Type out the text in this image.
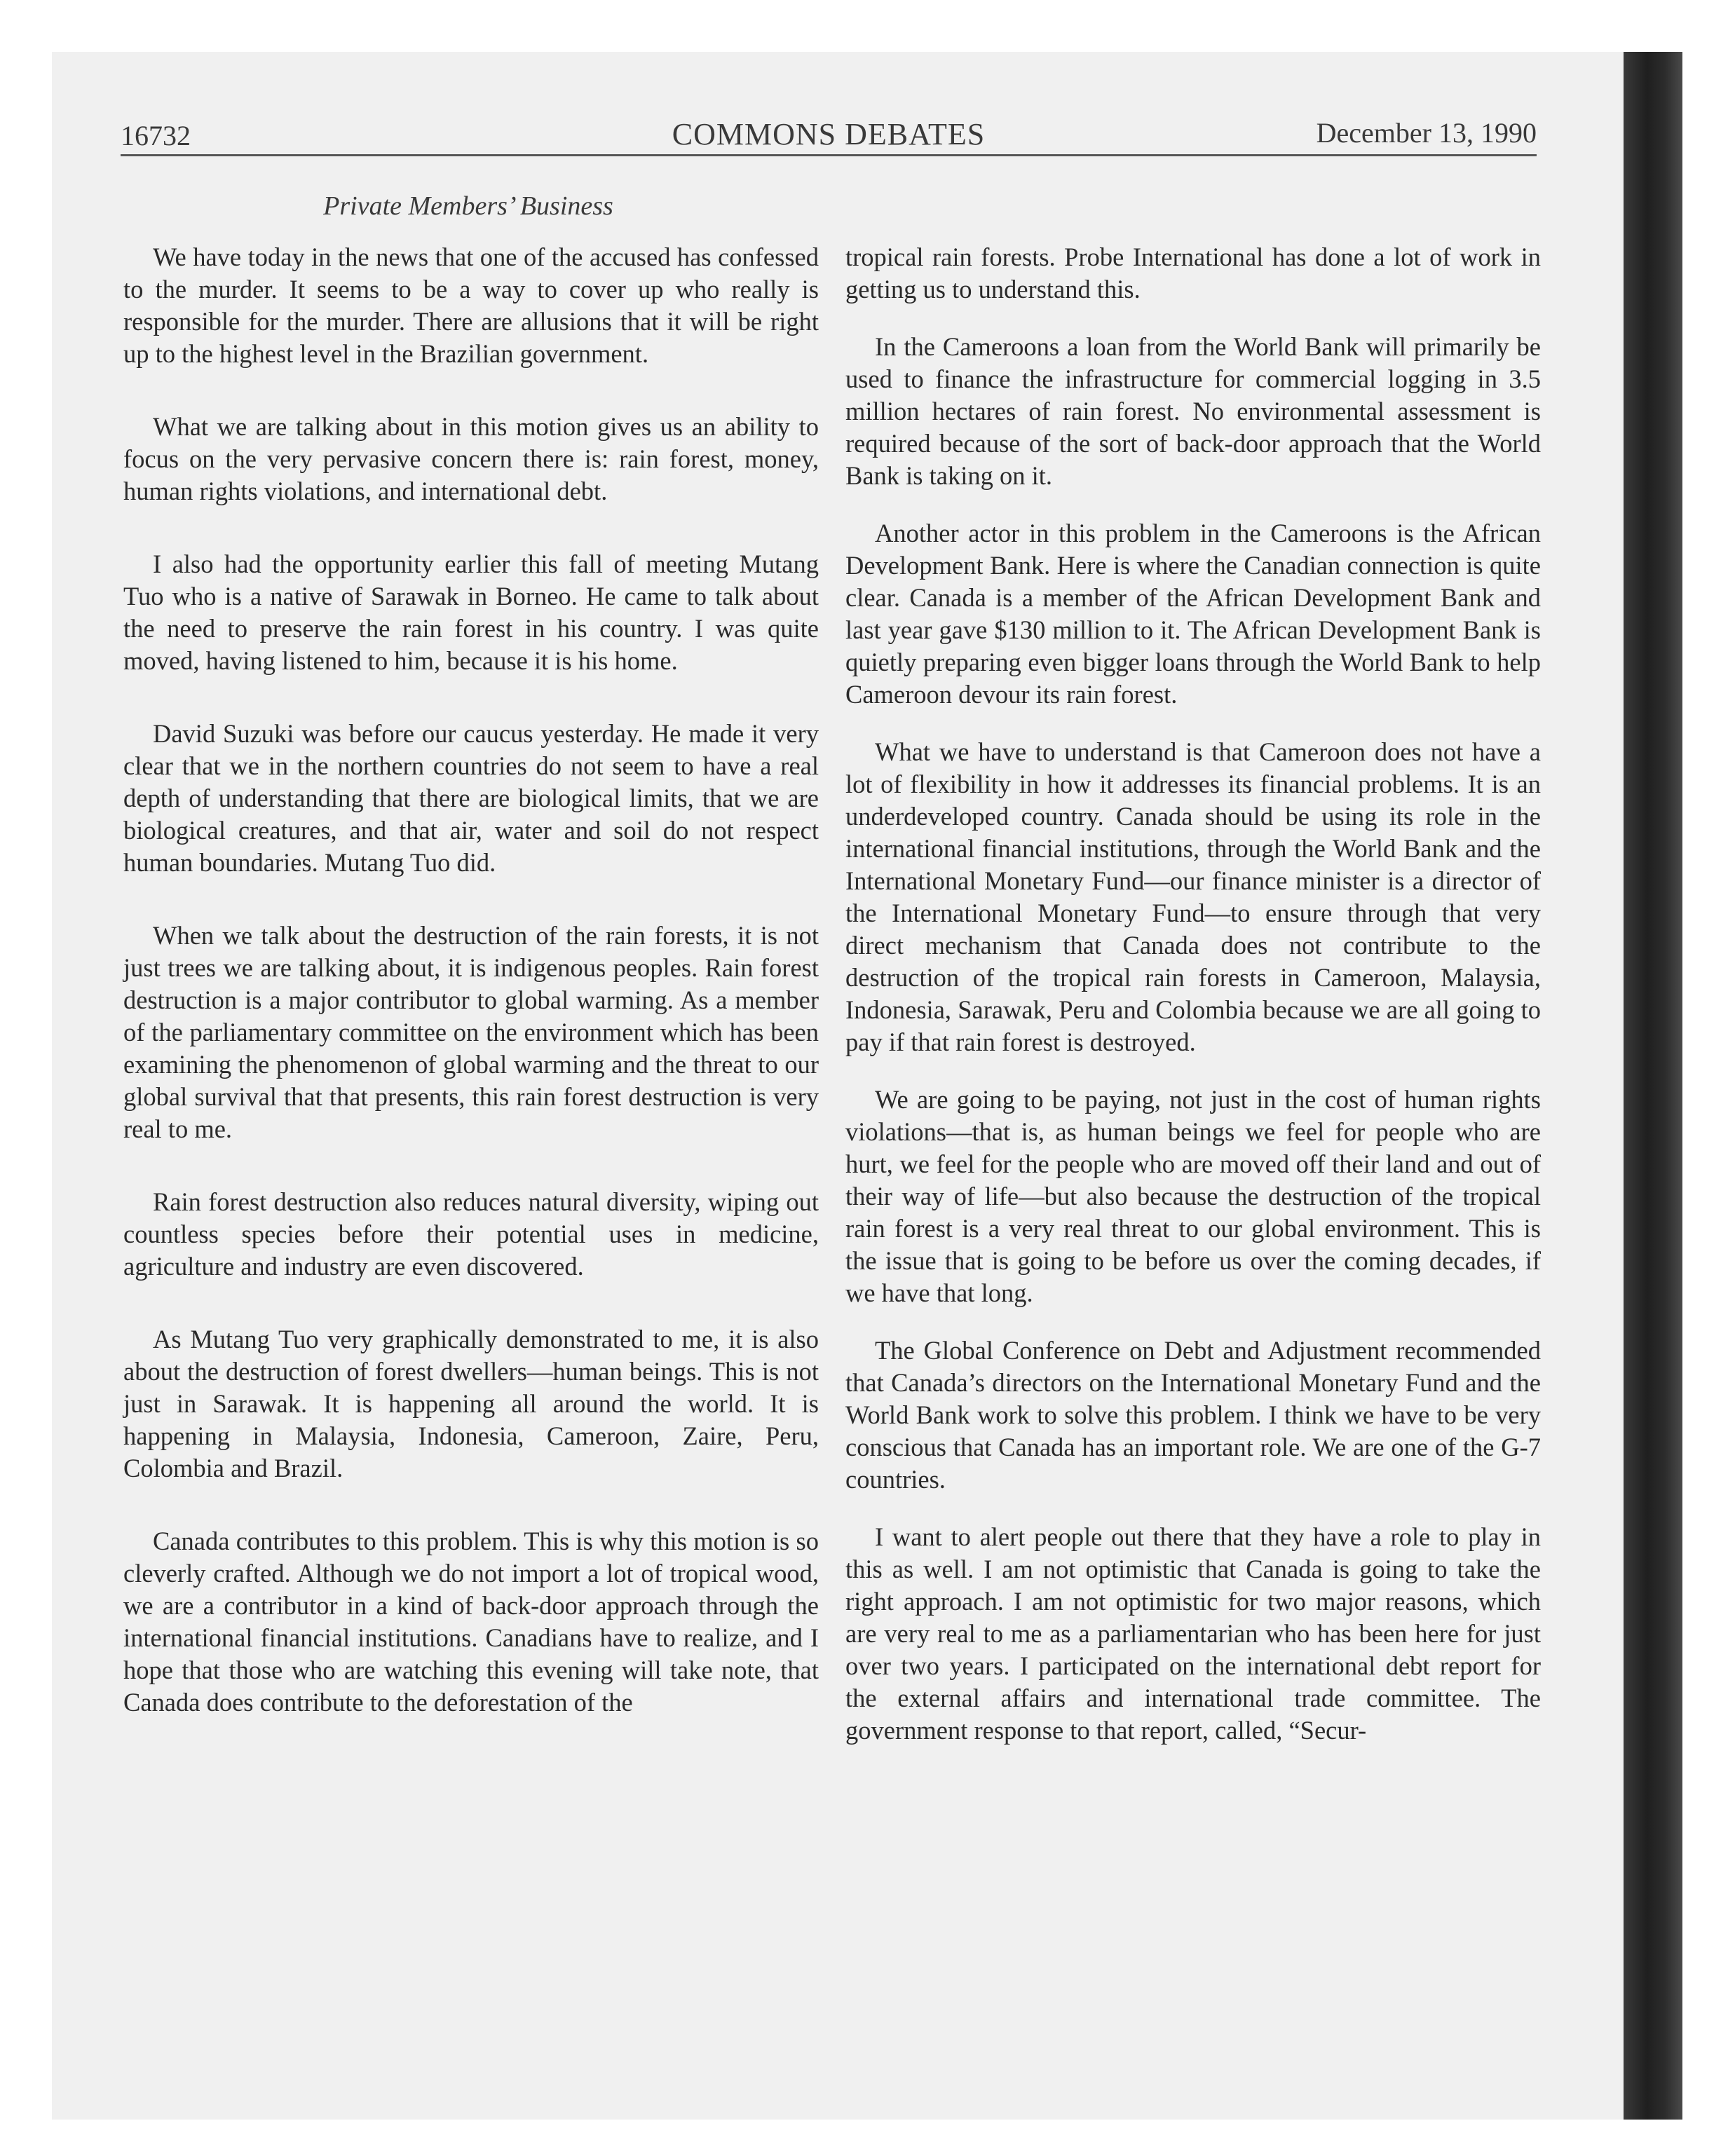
16732	COMMONS DEBATES	December 13, 1990
Private Members’ Business

We have today in the news that one of the accused has confessed to the murder. It seems to be a way to cover up who really is responsible for the murder. There are allusions that it will be right up to the highest level in the Brazilian government.

What we are talking about in this motion gives us an ability to focus on the very pervasive concern there is: rain forest, money, human rights violations, and international debt.

I also had the opportunity earlier this fall of meeting Mutang Tuo who is a native of Sarawak in Borneo. He came to talk about the need to preserve the rain forest in his country. I was quite moved, having listened to him, because it is his home.

David Suzuki was before our caucus yesterday. He made it very clear that we in the northern countries do not seem to have a real depth of understanding that there are biological limits, that we are biological creatures, and that air, water and soil do not respect human boundaries. Mutang Tuo did.

When we talk about the destruction of the rain forests, it is not just trees we are talking about, it is indigenous peoples. Rain forest destruction is a major contributor to global warming. As a member of the parliamentary committee on the environment which has been examining the phenomenon of global warming and the threat to our global survival that that presents, this rain forest destruction is very real to me.

Rain forest destruction also reduces natural diversity, wiping out countless species before their potential uses in medicine, agriculture and industry are even discovered.

As Mutang Tuo very graphically demonstrated to me, it is also about the destruction of forest dwellers—human beings. This is not just in Sarawak. It is happening all around the world. It is happening in Malaysia, Indonesia, Cameroon, Zaire, Peru, Colombia and Brazil.

Canada contributes to this problem. This is why this motion is so cleverly crafted. Although we do not import a lot of tropical wood, we are a contributor in a kind of back-door approach through the international financial institutions. Canadians have to realize, and I hope that those who are watching this evening will take note, that Canada does contribute to the deforestation of the

tropical rain forests. Probe International has done a lot of work in getting us to understand this.

In the Cameroons a loan from the World Bank will primarily be used to finance the infrastructure for commercial logging in 3.5 million hectares of rain forest. No environmental assessment is required because of the sort of back-door approach that the World Bank is taking on it.

Another actor in this problem in the Cameroons is the African Development Bank. Here is where the Canadian connection is quite clear. Canada is a member of the African Development Bank and last year gave $130 million to it. The African Development Bank is quietly preparing even bigger loans through the World Bank to help Cameroon devour its rain forest.

What we have to understand is that Cameroon does not have a lot of flexibility in how it addresses its financial problems. It is an underdeveloped country. Canada should be using its role in the international financial institutions, through the World Bank and the International Monetary Fund—our finance minister is a director of the International Monetary Fund—to ensure through that very direct mechanism that Canada does not contribute to the destruction of the tropical rain forests in Cameroon, Malaysia, Indonesia, Sarawak, Peru and Colombia because we are all going to pay if that rain forest is destroyed.

We are going to be paying, not just in the cost of human rights violations—that is, as human beings we feel for people who are hurt, we feel for the people who are moved off their land and out of their way of life—but also because the destruction of the tropical rain forest is a very real threat to our global environment. This is the issue that is going to be before us over the coming decades, if we have that long.

The Global Conference on Debt and Adjustment recommended that Canada’s directors on the International Monetary Fund and the World Bank work to solve this problem. I think we have to be very conscious that Canada has an important role. We are one of the G-7 countries.

I want to alert people out there that they have a role to play in this as well. I am not optimistic that Canada is going to take the right approach. I am not optimistic for two major reasons, which are very real to me as a parliamentarian who has been here for just over two years. I participated on the international debt report for the external affairs and international trade committee. The government response to that report, called, “Secur-
